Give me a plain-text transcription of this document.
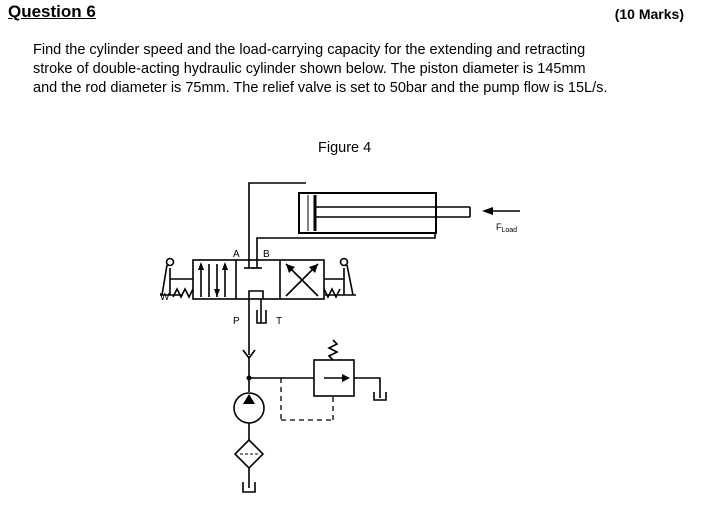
Question 6	(10 Marks)
Find the cylinder speed and the load-carrying capacity for the extending and retracting
stroke of double-acting hydraulic cylinder shown below. The piston diameter is 145mm
and the rod diameter is 75mm. The relief valve is set to 50bar and the pump flow is 15L/s.
Figure 4
$F_{Load}$
W
A B
P	T
